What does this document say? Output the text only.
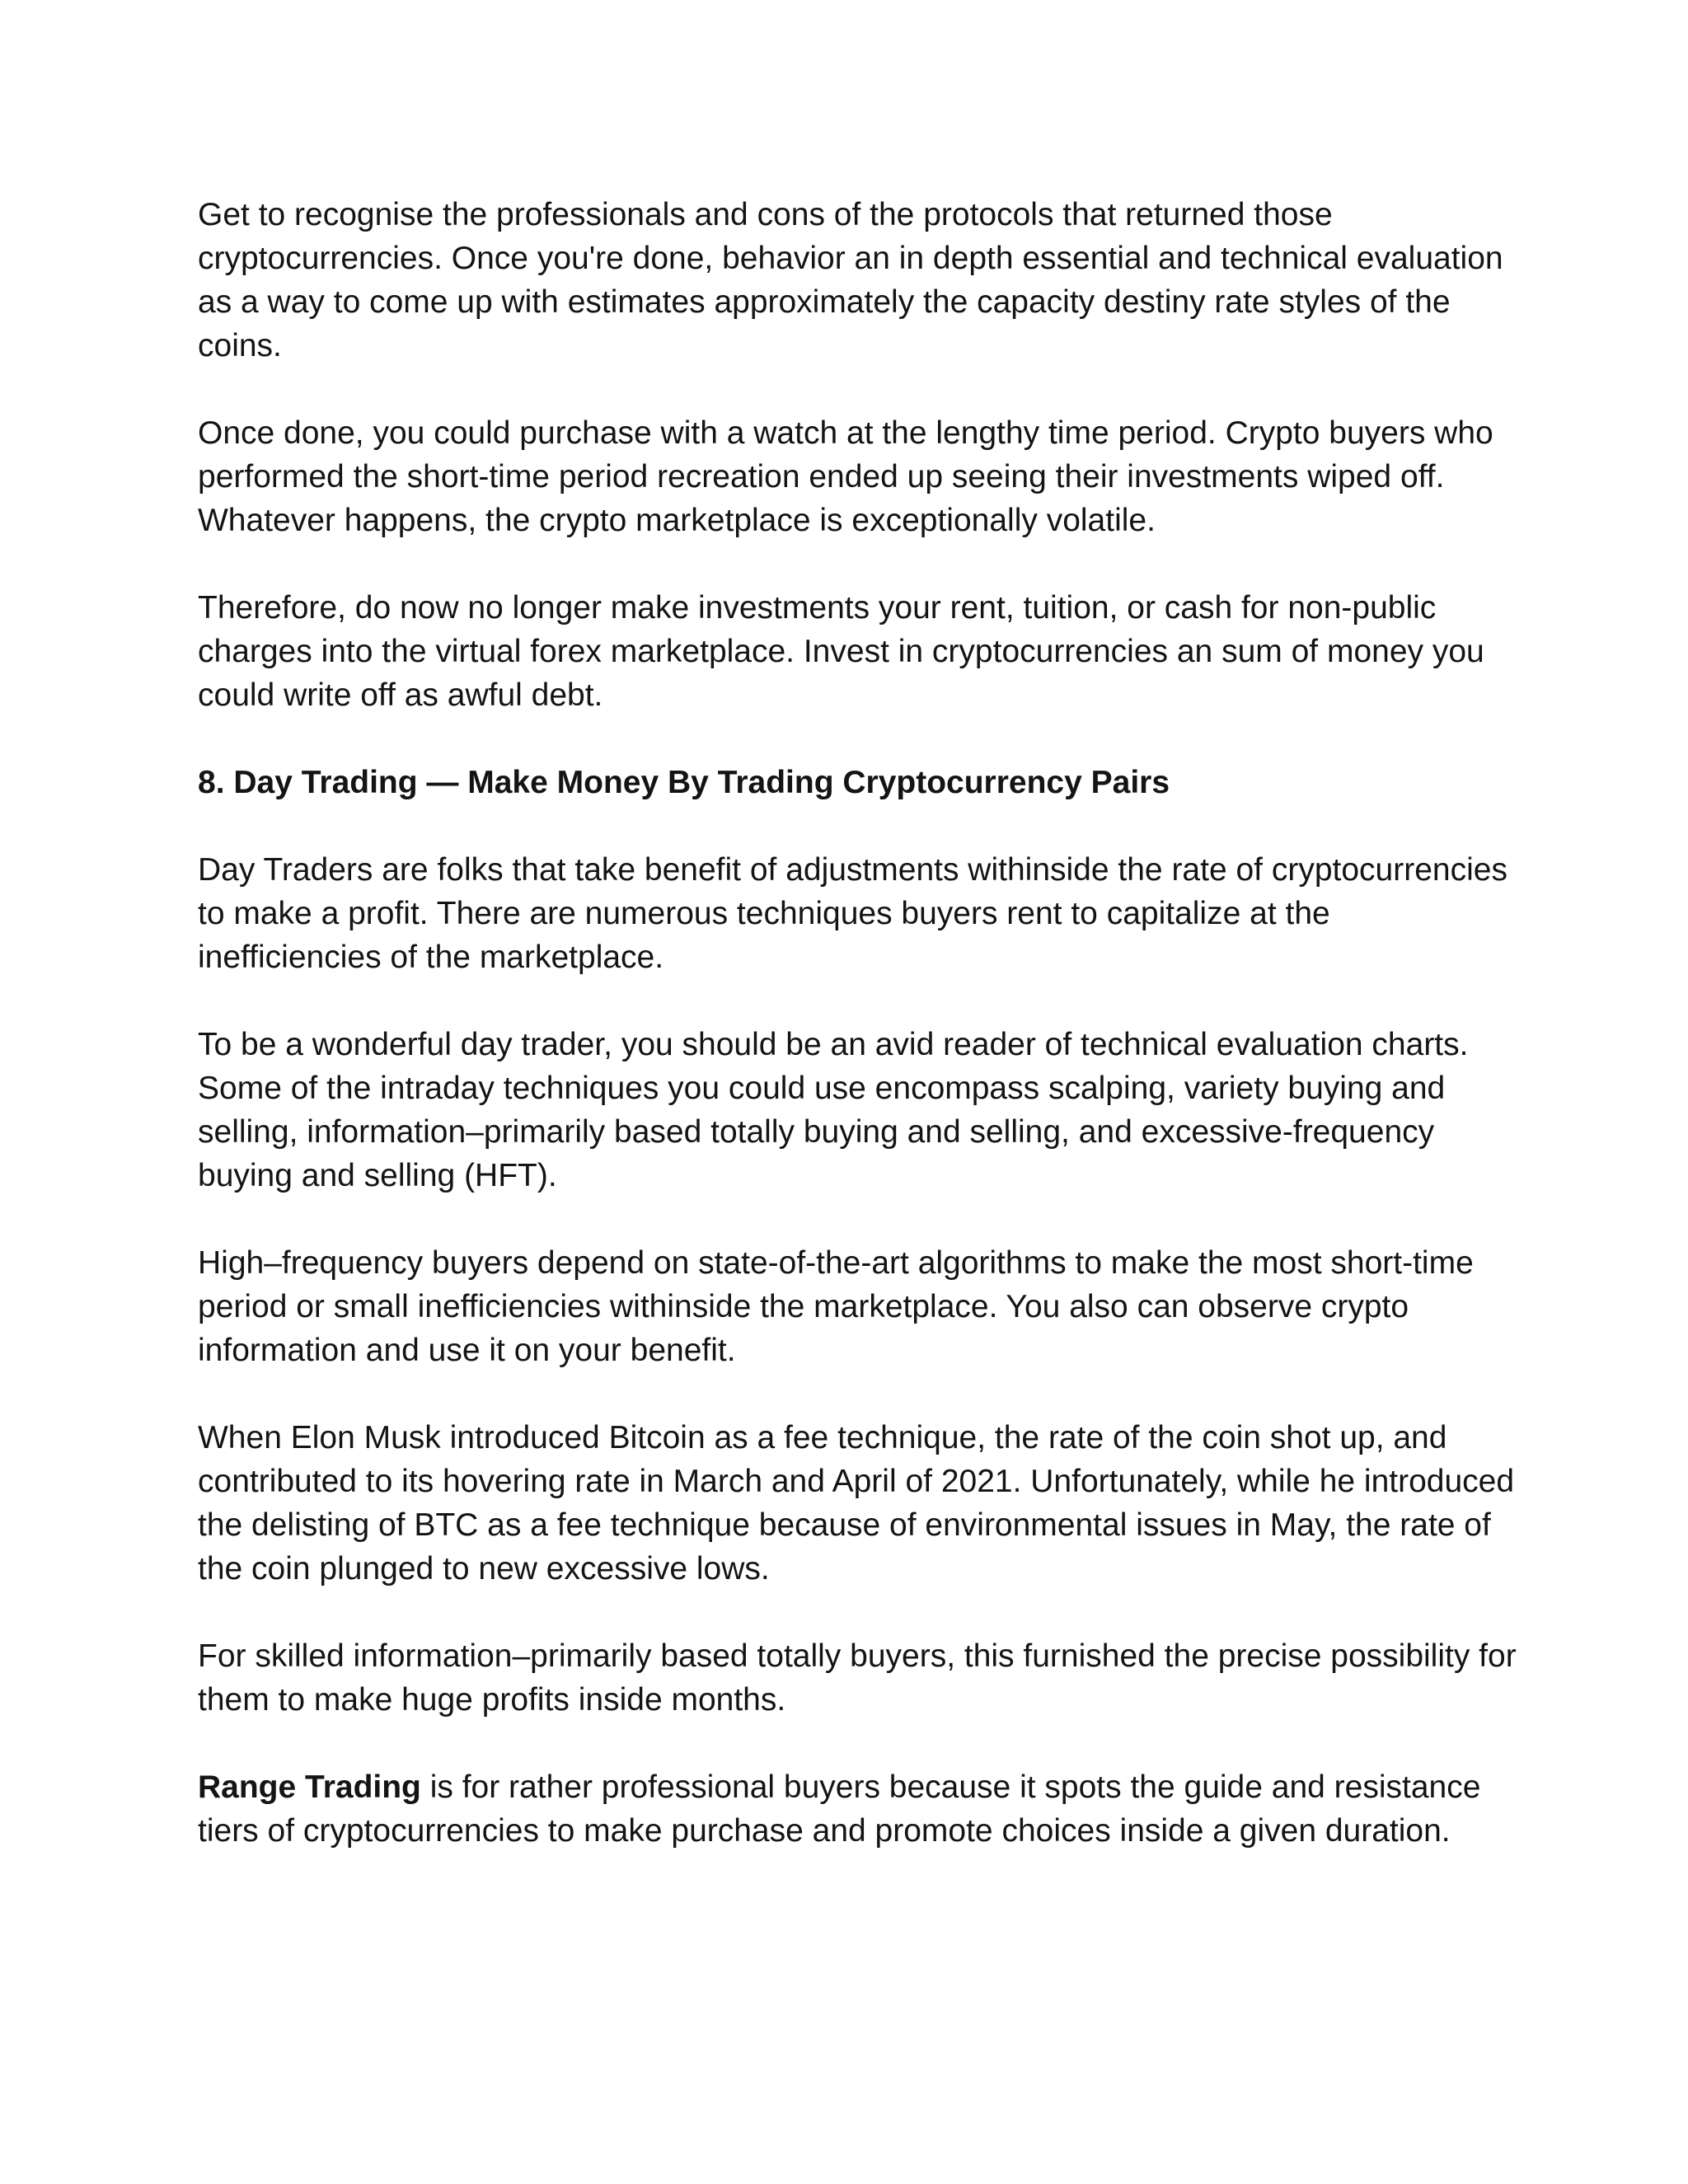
Get to recognise the professionals and cons of the protocols that returned those cryptocurrencies. Once you're done, behavior an in depth essential and technical evaluation as a way to come up with estimates approximately the capacity destiny rate styles of the coins.

Once done, you could purchase with a watch at the lengthy time period. Crypto buyers who performed the short-time period recreation ended up seeing their investments wiped off. Whatever happens, the crypto marketplace is exceptionally volatile.

Therefore, do now no longer make investments your rent, tuition, or cash for non-public charges into the virtual forex marketplace. Invest in cryptocurrencies an sum of money you could write off as awful debt.

8. Day Trading — Make Money By Trading Cryptocurrency Pairs

Day Traders are folks that take benefit of adjustments withinside the rate of cryptocurrencies to make a profit. There are numerous techniques buyers rent to capitalize at the inefficiencies of the marketplace.

To be a wonderful day trader, you should be an avid reader of technical evaluation charts. Some of the intraday techniques you could use encompass scalping, variety buying and selling, information–primarily based totally buying and selling, and excessive-frequency buying and selling (HFT).

High–frequency buyers depend on state-of-the-art algorithms to make the most short-time period or small inefficiencies withinside the marketplace. You also can observe crypto information and use it on your benefit.

When Elon Musk introduced Bitcoin as a fee technique, the rate of the coin shot up, and contributed to its hovering rate in March and April of 2021. Unfortunately, while he introduced the delisting of BTC as a fee technique because of environmental issues in May, the rate of the coin plunged to new excessive lows.

For skilled information–primarily based totally buyers, this furnished the precise possibility for them to make huge profits inside months.

Range Trading is for rather professional buyers because it spots the guide and resistance tiers of cryptocurrencies to make purchase and promote choices inside a given duration.
